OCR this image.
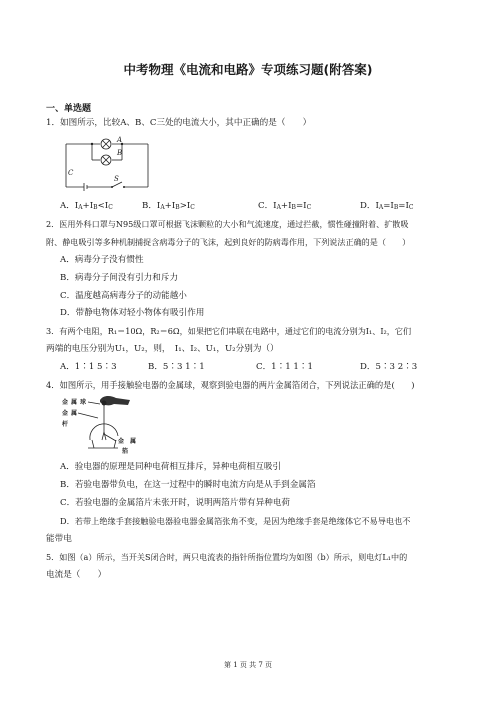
中考物理《电流和电路》专项练习题(附答案)
一、单选题
1．如图所示，比较A、B、C三处的电流大小，其中正确的是（　　）
A
B
C
S
A．$I_A+I_B<I_C$	B．$I_A+I_B>I_C$	C．$I_A+I_B=I_C$	D．$I_A=I_B=I_C$
2．医用外科口罩与N95级口罩可根据飞沫颗粒的大小和气流速度，通过拦截，惯性碰撞附着、扩散吸
附、静电吸引等多种机制捕捉含病毒分子的飞沫，起到良好的防病毒作用，下列说法正确的是（　　）
A．病毒分子没有惯性
B．病毒分子间没有引力和斥力
C．温度越高病毒分子的动能越小
D．带静电物体对轻小物体有吸引作用
3．有两个电阻，R₁＝10Ω，R₂＝6Ω，如果把它们串联在电路中，通过它们的电流分别为I₁、I₂，它们
两端的电压分别为U₁，U₂，则，　I₁、I₂、U₁，U₂分别为（）
A．1∶1 5∶3	B．5∶3 1∶1	C．1∶1 1∶1	D．5∶3 2∶3
4．如图所示，用手接触验电器的金属球，观察到验电器的两片金属箔闭合，下列说法正确的是(　　)
金 属 球
金 属
杆
金　属
箔
A．验电器的原理是同种电荷相互排斥，异种电荷相互吸引
B．若验电器带负电，在这一过程中的瞬时电流方向是从手到金属箔
C．若验电器的金属箔片未张开时，说明两箔片带有异种电荷
D．若带上绝缘手套接触验电器验电器金属箔张角不变，是因为绝缘手套是绝缘体它不易导电也不
能带电
5．如图（a）所示，当开关S闭合时，两只电流表的指针所指位置均为如图（b）所示，则电灯L₁中的
电流是（　　）
第 1 页 共 7 页
